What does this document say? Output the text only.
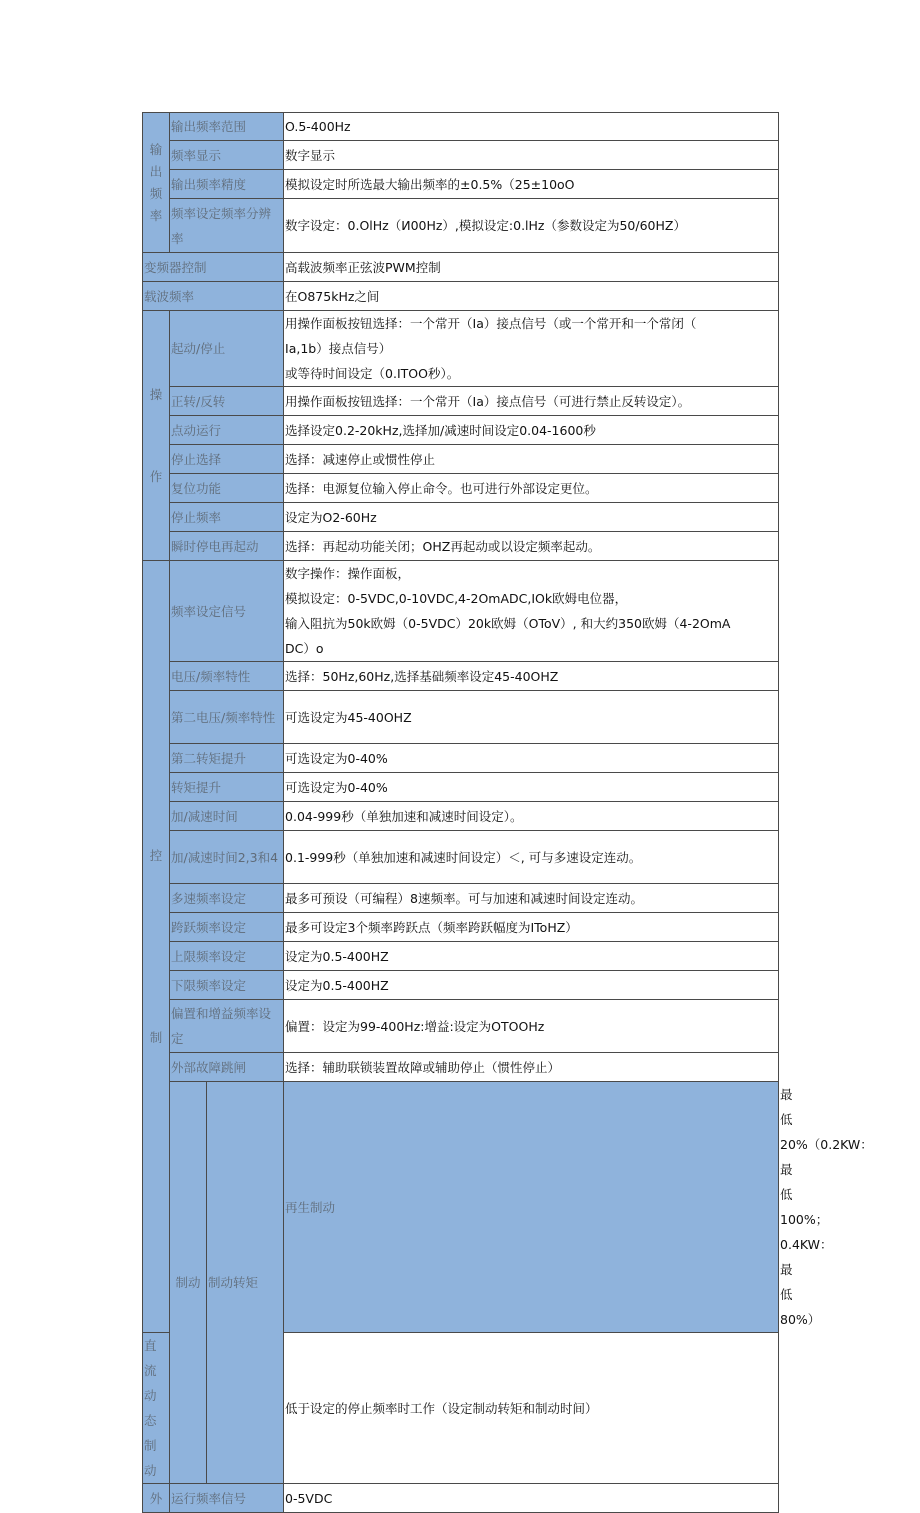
输
出
频
率	输出频率范围		O.5-400Hz	
	频率显示		数字显示	
	输出频率精度		模拟设定时所选最大输出频率的±0.5%（25±10oO	
	频率设定频率分辨率		数字设定：0.OlHz（И00Hz）,模拟设定:0.lHz（参数设定为50/60HZ）	
变频器控制			高载波频率正弦波PWM控制	
载波频率			在O875kHz之间	

操
作	起动/停止		用操作面板按钮选择：一个常开（Ia）接点信号（或一个常开和一个常闭（
Ia,1b）接点信号）
或等待时间设定（0.ITOO秒）。	

	正转/反转		用操作面板按钮选择：一个常开（Ia）接点信号（可进行禁止反转设定）。	
	点动运行		选择设定0.2-20kHz,选择加/减速时间设定0.04-1600秒	
	停止选择		选择：减速停止或惯性停止	
	复位功能		选择：电源复位输入停止命令。也可进行外部设定更位。	
	停止频率		设定为O2-60Hz	
	瞬时停电再起动		选择：再起动功能关闭；OHZ再起动或以设定频率起动。	

控
制	频率设定信号		数字操作：操作面板，
模拟设定：0-5VDC,0-10VDC,4-2OmADC,IOk欧姆电位器，
输入阻抗为50k欧姆（0-5VDC）20k欧姆（OToV）, 和大约350欧姆（4-2OmA
DC）o	

	电压/频率特性		选择：50Hz,60Hz,选择基础频率设定45-40OHZ	
	第二电压/频率特性		可选设定为45-40OHZ	
	第二转矩提升		可选设定为0-40%	
	转矩提升		可选设定为0-40%	
	加/减速时间		0.04-999秒（单独加速和减速时间设定）。	
	加/减速时间2,3和4		0.1-999秒（单独加速和减速时间设定）＜, 可与多速设定连动。	
	多速频率设定		最多可预设（可编程）8速频率。可与加速和减速时间设定连动。	
	跨跃频率设定		最多可设定3个频率跨跃点（频率跨跃幅度为IToHZ）	
	上限频率设定		设定为0.5-400HZ	
	下限频率设定		设定为0.5-400HZ	
	偏置和增益频率设定		偏置：设定为99-400Hz:增益:设定为OTOOHz	
	外部故障跳闸		选择：辅助联锁装置故障或辅助停止（惯性停止）	
	制动	制动转矩	再生制动	最低20%（0.2KW：最低100%；0.4KW：最低80%）
直流动态制动			低于设定的停止频率时工作（设定制动转矩和制动时间）	
外	运行频率信号		0-5VDC	
